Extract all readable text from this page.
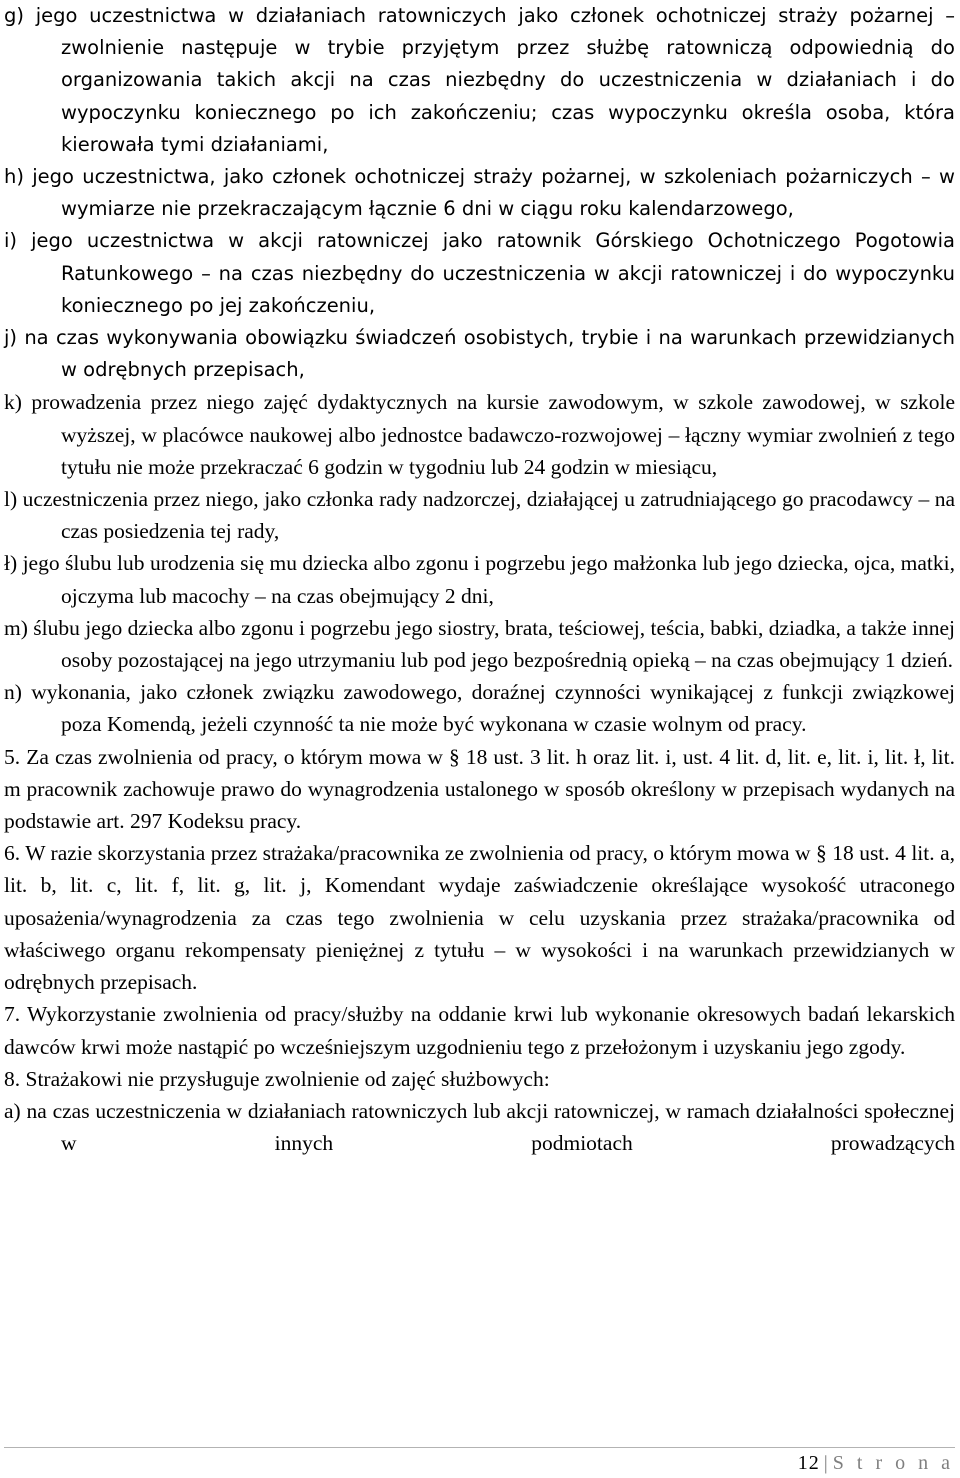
g) jego uczestnictwa w działaniach ratowniczych jako członek ochotniczej straży pożarnej – zwolnienie następuje w trybie przyjętym przez służbę ratowniczą odpowiednią do organizowania takich akcji na czas niezbędny do uczestniczenia w działaniach i do wypoczynku koniecznego po ich zakończeniu; czas wypoczynku określa osoba, która kierowała tymi działaniami,

h) jego uczestnictwa, jako członek ochotniczej straży pożarnej, w szkoleniach pożarniczych – w wymiarze nie przekraczającym łącznie 6 dni w ciągu roku kalendarzowego,

i) jego uczestnictwa w akcji ratowniczej jako ratownik Górskiego Ochotniczego Pogotowia Ratunkowego – na czas niezbędny do uczestniczenia w akcji ratowniczej i do wypoczynku koniecznego po jej zakończeniu,

j) na czas wykonywania obowiązku świadczeń osobistych, trybie i na warunkach przewidzianych w odrębnych przepisach,

k) prowadzenia przez niego zajęć dydaktycznych na kursie zawodowym, w szkole zawodowej, w szkole wyższej, w placówce naukowej albo jednostce badawczo-rozwojowej – łączny wymiar zwolnień z tego tytułu nie może przekraczać 6 godzin w tygodniu lub 24 godzin w miesiącu,

l) uczestniczenia przez niego, jako członka rady nadzorczej, działającej u zatrudniającego go pracodawcy – na czas posiedzenia tej rady,

ł) jego ślubu lub urodzenia się mu dziecka albo zgonu i pogrzebu jego małżonka lub jego dziecka, ojca, matki, ojczyma lub macochy – na czas obejmujący 2 dni,

m) ślubu jego dziecka albo zgonu i pogrzebu jego siostry, brata, teściowej, teścia, babki, dziadka, a także innej osoby pozostającej na jego utrzymaniu lub pod jego bezpośrednią opieką – na czas obejmujący 1 dzień.

n) wykonania, jako członek związku zawodowego, doraźnej czynności wynikającej z funkcji związkowej poza Komendą, jeżeli czynność ta nie może być wykonana w czasie wolnym od pracy.

5. Za czas zwolnienia od pracy, o którym mowa w § 18 ust. 3 lit. h oraz lit. i, ust. 4 lit. d, lit. e, lit. i, lit. ł, lit. m pracownik zachowuje prawo do wynagrodzenia ustalonego w sposób określony w przepisach wydanych na podstawie art. 297 Kodeksu pracy.

6. W razie skorzystania przez strażaka/pracownika ze zwolnienia od pracy, o którym mowa w § 18 ust. 4 lit. a, lit. b, lit. c, lit. f, lit. g, lit. j, Komendant wydaje zaświadczenie określające wysokość utraconego uposażenia/wynagrodzenia za czas tego zwolnienia w celu uzyskania przez strażaka/pracownika od właściwego organu rekompensaty pieniężnej z tytułu – w wysokości i na warunkach przewidzianych w odrębnych przepisach.

7. Wykorzystanie zwolnienia od pracy/służby na oddanie krwi lub wykonanie okresowych badań lekarskich dawców krwi może nastąpić po wcześniejszym uzgodnieniu tego z przełożonym i uzyskaniu jego zgody.

8. Strażakowi nie przysługuje zwolnienie od zajęć służbowych:

a) na czas uczestniczenia w działaniach ratowniczych lub akcji ratowniczej, w ramach działalności społecznej w innych podmiotach prowadzących

12 | S t r o n a
